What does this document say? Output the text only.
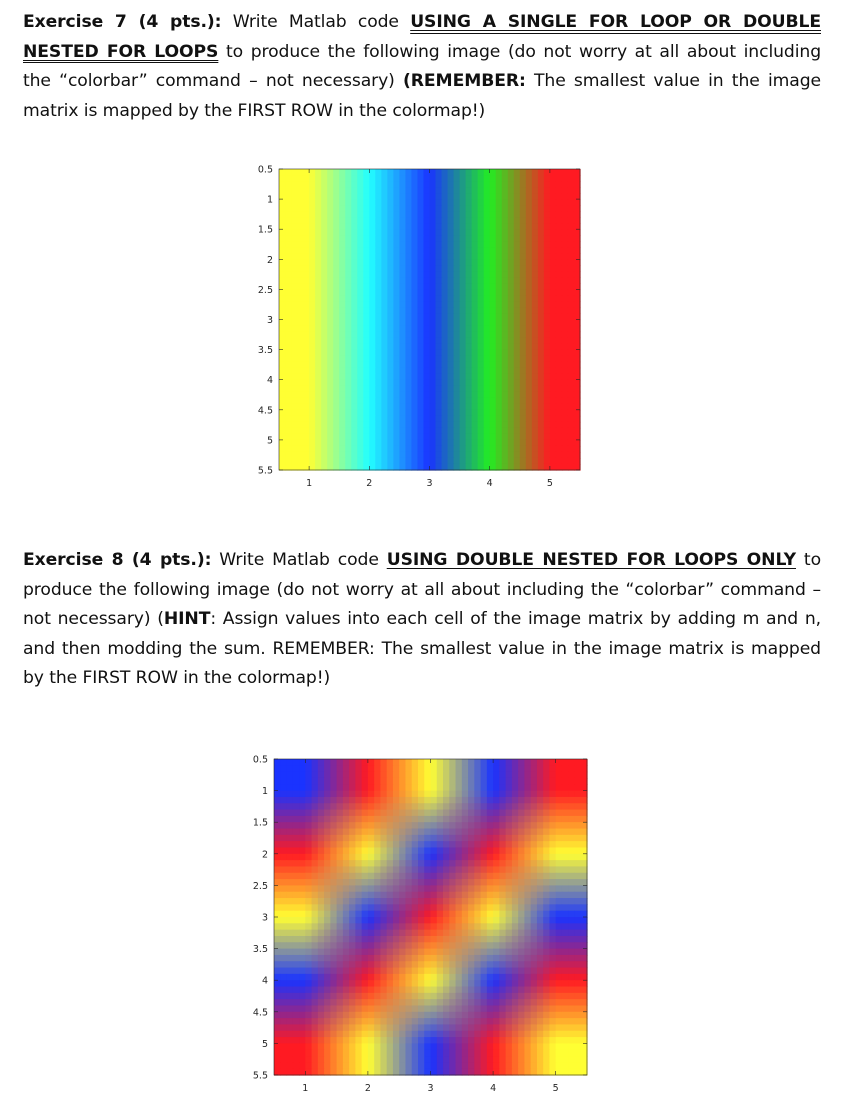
Exercise 7 (4 pts.): Write Matlab code USING A SINGLE FOR LOOP OR DOUBLE NESTED FOR LOOPS to produce the following image (do not worry at all about including the “colorbar” command – not necessary) (REMEMBER: The smallest value in the image matrix is mapped by the FIRST ROW in the colormap!)

0.5
1
1.5
2
2.5
3
3.5
4
4.5
5
5.5
1	2	3	4	5

Exercise 8 (4 pts.): Write Matlab code USING DOUBLE NESTED FOR LOOPS ONLY to produce the following image (do not worry at all about including the “colorbar” command – not necessary) (HINT: Assign values into each cell of the image matrix by adding m and n, and then modding the sum. REMEMBER: The smallest value in the image matrix is mapped by the FIRST ROW in the colormap!)

0.5
1
1.5
2
2.5
3
3.5
4
4.5
5
5.5
1	2	3	4	5
